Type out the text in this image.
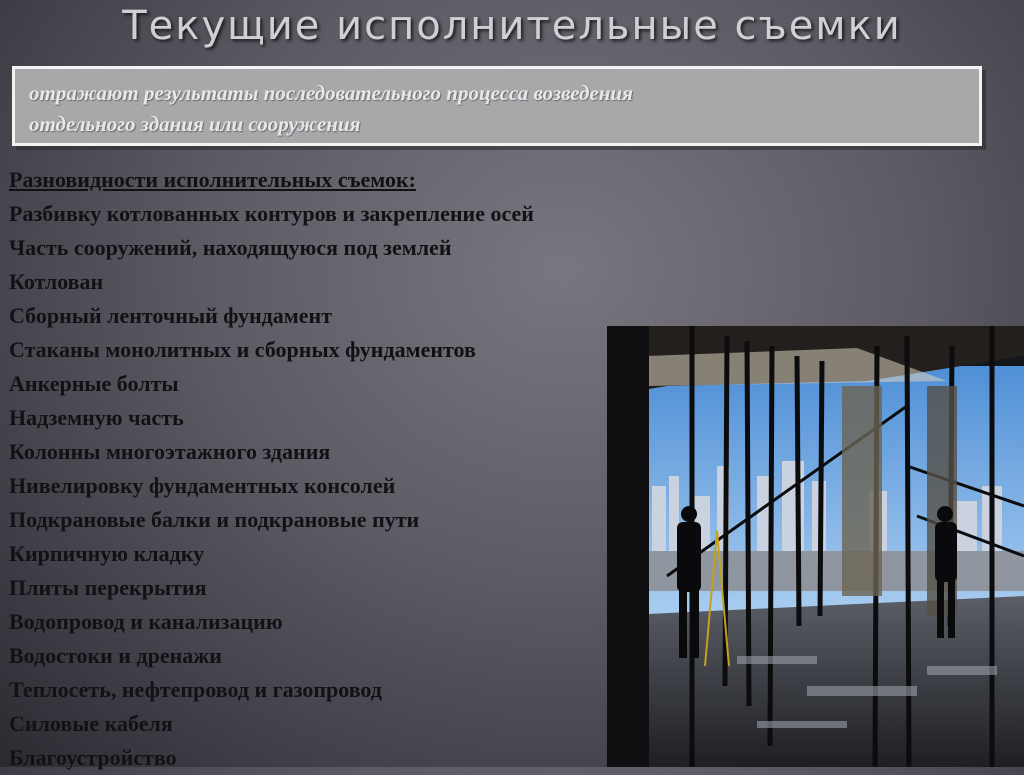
Текущие исполнительные съемки
отражают результаты последовательного процесса возведения
отдельного здания или сооружения
Разновидности исполнительных съемок:
Разбивку котлованных контуров и закрепление осей
Часть сооружений, находящуюся под землей
Котлован
Сборный ленточный фундамент
Стаканы монолитных и сборных фундаментов
Анкерные болты
Надземную часть
Колонны многоэтажного здания
Нивелировку фундаментных консолей
Подкрановые балки и подкрановые пути
Кирпичную кладку
Плиты перекрытия
Водопровод и канализацию
Водостоки и дренажи
Теплосеть, нефтепровод и газопровод
Силовые кабеля
Благоустройство
